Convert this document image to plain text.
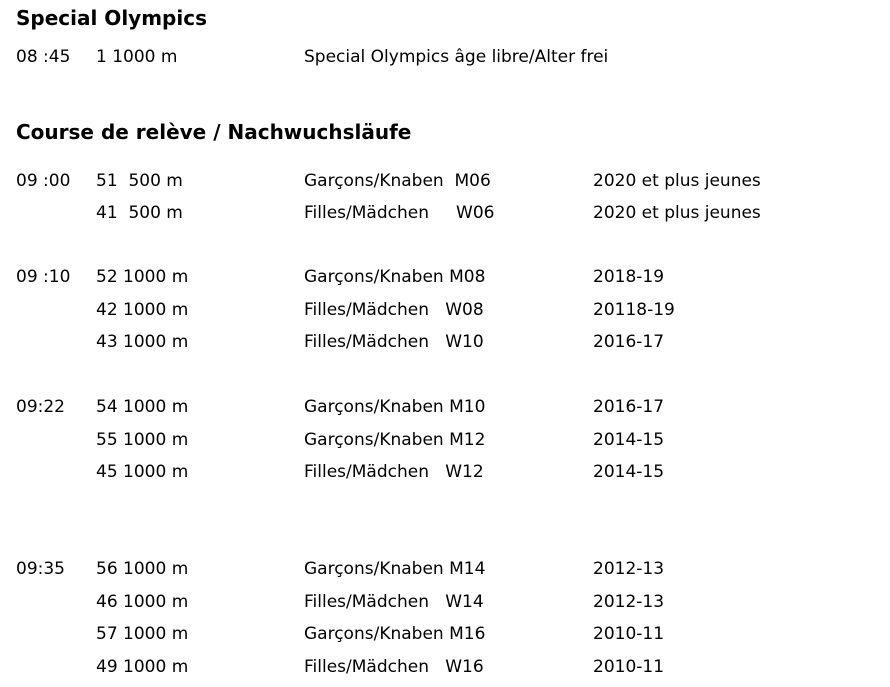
Special Olympics
08 :45 1 1000 m	Special Olympics âge libre/Alter frei
Course de relève / Nachwuchsläufe
09 :00 51  500 m	Garçons/Knaben  M06	2020 et plus jeunes
41  500 m	Filles/Mädchen     W06	2020 et plus jeunes
09 :10 52 1000 m	Garçons/Knaben M08	2018-19
42 1000 m	Filles/Mädchen   W08	20118-19
43 1000 m	Filles/Mädchen   W10	2016-17
09:22 54 1000 m	Garçons/Knaben M10	2016-17
55 1000 m	Garçons/Knaben M12	2014-15
45 1000 m	Filles/Mädchen   W12	2014-15
09:35 56 1000 m	Garçons/Knaben M14	2012-13
46 1000 m	Filles/Mädchen   W14	2012-13
57 1000 m	Garçons/Knaben M16	2010-11
49 1000 m	Filles/Mädchen   W16	2010-11
